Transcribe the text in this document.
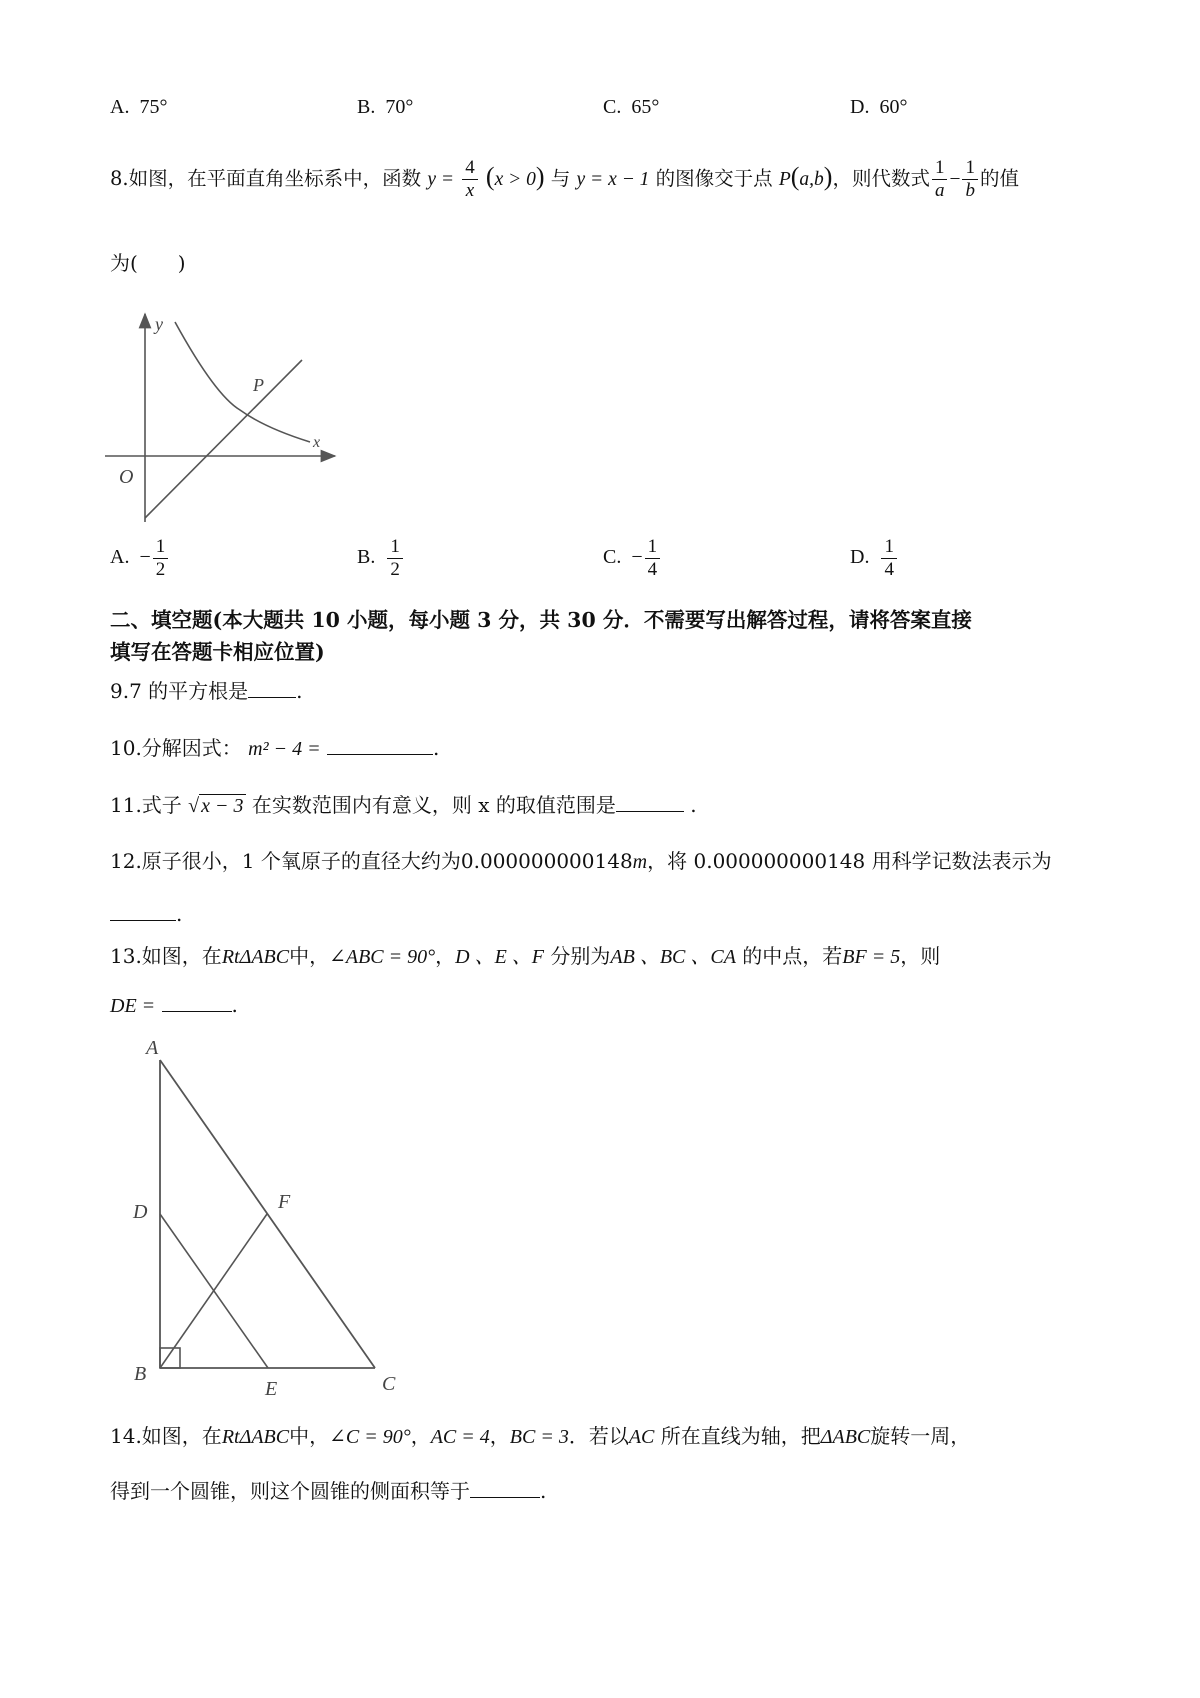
A. 75°	B. 70°	C. 65°	D. 60°
8.如图，在平面直角坐标系中，函数 $y = \frac{4}{x} (x > 0)$ 与 y = x − 1 的图像交于点 P(a,b)，则代数式 $\frac{1}{a} - \frac{1}{b}$ 的值
为(　　)
y
x
O
P
A. − $\frac{1}{2}$	B. $\frac{1}{2}$	C. − $\frac{1}{4}$	D. $\frac{1}{4}$
二、填空题(本大题共 10 小题，每小题 3 分，共 30 分．不需要写出解答过程，请将答案直接
填写在答题卡相应位置)
9.7 的平方根是 .
10.分解因式： m² − 4 =	.
11.式子 √ x − 3 在实数范围内有意义，则 x 的取值范围是	.
12.原子很小，1 个氧原子的直径大约为0.000000000148m，将 0.000000000148 用科学记数法表示为
.
13.如图，在RtΔABC中，∠ABC = 90°，D 、E 、F 分别为AB 、BC 、CA 的中点，若BF = 5，则
DE =	.
A
B	C
D
E
F
14.如图，在RtΔABC中，∠C = 90°，AC = 4，BC = 3．若以AC 所在直线为轴，把ΔABC旋转一周，
得到一个圆锥，则这个圆锥的侧面积等于	.
